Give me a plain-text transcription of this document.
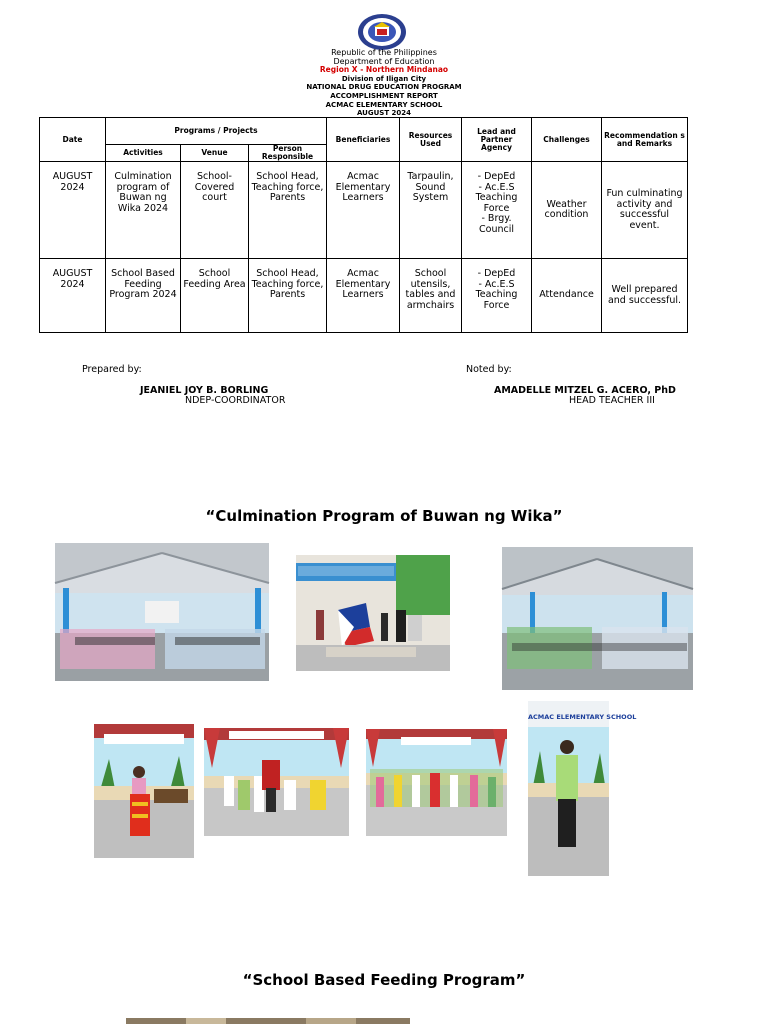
Republic of the Philippines
Department of Education
Region X - Northern Mindanao
Division of Iligan City
NATIONAL DRUG EDUCATION PROGRAM
ACCOMPLISHMENT REPORT
ACMAC ELEMENTARY SCHOOL
AUGUST 2024
Date	Programs / Projects			Beneficiaries	Resources Used	Lead and Partner Agency	Challenges	Recommendation s and Remarks
	Activities	Venue	Person Responsible					
AUGUST 2024	Culmination program of Buwan ng Wika 2024	School-Covered court	School Head, Teaching force, Parents	Acmac Elementary Learners	Tarpaulin, Sound System	- DepEd
- Ac.E.S Teaching Force
- Brgy. Council	Weather condition	Fun culminating activity and successful event.
AUGUST 2024	School Based Feeding Program 2024	School Feeding Area	School Head, Teaching force, Parents	Acmac Elementary Learners	School utensils, tables and armchairs	- DepEd
- Ac.E.S Teaching Force	Attendance	Well prepared and successful.
Prepared by:
JEANIEL JOY B. BORLING
NDEP-COORDINATOR
Noted by:
AMADELLE MITZEL G. ACERO, PhD
HEAD TEACHER III
“Culmination Program of Buwan ng Wika”
ACMAC ELEMENTARY SCHOOL
“School Based Feeding Program”
